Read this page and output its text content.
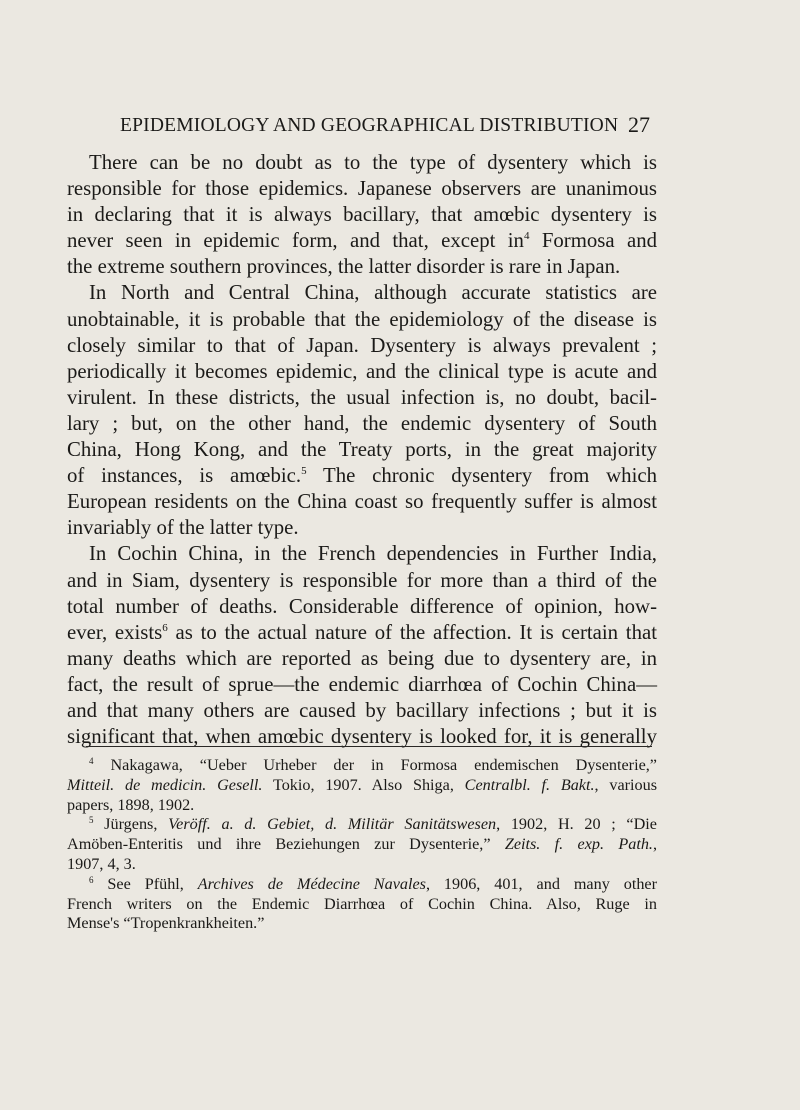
EPIDEMIOLOGY AND GEOGRAPHICAL DISTRIBUTION 27
There can be no doubt as to the type of dysentery which is
responsible for those epidemics. Japanese observers are unanimous
in declaring that it is always bacillary, that amœbic dysentery is
never seen in epidemic form, and that, except $in^4$ Formosa and
the extreme southern provinces, the latter disorder is rare in Japan.
In North and Central China, although accurate statistics are
unobtainable, it is probable that the epidemiology of the disease is
closely similar to that of Japan. Dysentery is always prevalent ;
periodically it becomes epidemic, and the clinical type is acute and
virulent. In these districts, the usual infection is, no doubt, bacil-
lary ; but, on the other hand, the endemic dysentery of South
China, Hong Kong, and the Treaty ports, in the great majority
of instances, is amœbic.$^5$ The chronic dysentery from which
European residents on the China coast so frequently suffer is almost
invariably of the latter type.
In Cochin China, in the French dependencies in Further India,
and in Siam, dysentery is responsible for more than a third of the
total number of deaths. Considerable difference of opinion, how-
ever, exists$^6$ as to the actual nature of the affection. It is certain that
many deaths which are reported as being due to dysentery are, in
fact, the result of sprue—the endemic diarrhœa of Cochin China—
and that many others are caused by bacillary infections ; but it is
significant that, when amœbic dysentery is looked for, it is generally
$^4$ Nakagawa, “Ueber Urheber der in Formosa endemischen Dysenterie,”
Mitteil. de medicin. Gesell. Tokio, 1907. Also Shiga, Centralbl. f. Bakt., various
papers, 1898, 1902.
$^5$ Jürgens, Veröff. a. d. Gebiet, d. Militär Sanitätswesen, 1902, H. 20 ; “Die
Amöben-Enteritis und ihre Beziehungen zur Dysenterie,” Zeits. f. exp. Path.,
1907, 4, 3.
$^6$ See Pfühl, Archives de Médecine Navales, 1906, 401, and many other
French writers on the Endemic Diarrhœa of Cochin China. Also, Ruge in
Mense's “Tropenkrankheiten.”
